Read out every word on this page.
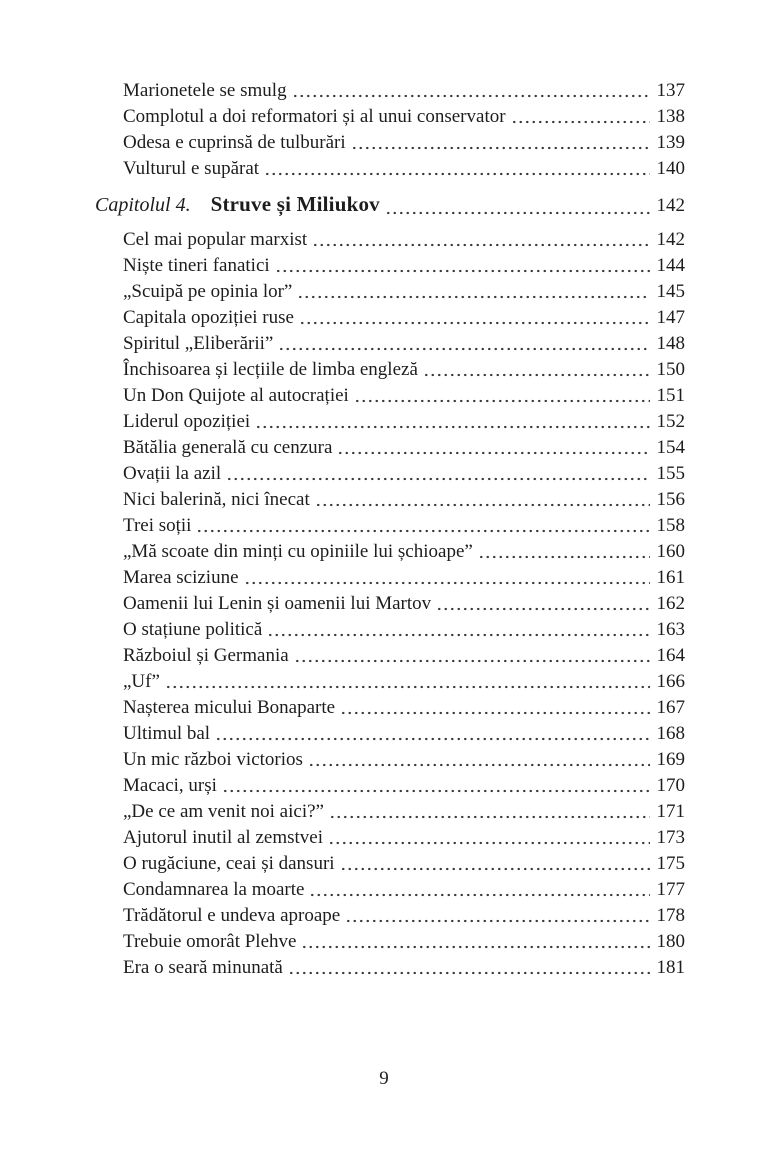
Marionetele se smulg	137
Complotul a doi reformatori și al unui conservator	138
Odesa e cuprinsă de tulburări	139
Vulturul e supărat	140
Capitolul 4. Struve și Miliukov	142
Cel mai popular marxist	142
Niște tineri fanatici	144
„Scuipă pe opinia lor”	145
Capitala opoziției ruse	147
Spiritul „Eliberării”	148
Închisoarea și lecțiile de limba engleză	150
Un Don Quijote al autocrației	151
Liderul opoziției	152
Bătălia generală cu cenzura	154
Ovații la azil	155
Nici balerină, nici înecat	156
Trei soții	158
„Mă scoate din minți cu opiniile lui șchioape”	160
Marea sciziune	161
Oamenii lui Lenin și oamenii lui Martov	162
O stațiune politică	163
Războiul și Germania	164
„Uf”	166
Nașterea micului Bonaparte	167
Ultimul bal	168
Un mic război victorios	169
Macaci, urși	170
„De ce am venit noi aici?”	171
Ajutorul inutil al zemstvei	173
O rugăciune, ceai și dansuri	175
Condamnarea la moarte	177
Trădătorul e undeva aproape	178
Trebuie omorât Plehve	180
Era o seară minunată	181
9
